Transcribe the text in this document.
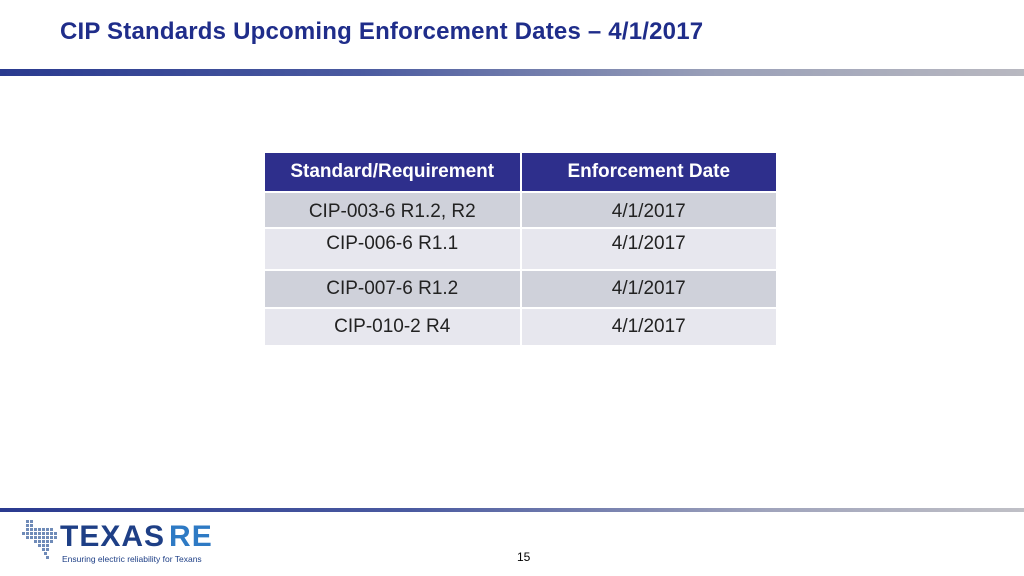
CIP Standards Upcoming Enforcement Dates – 4/1/2017
Standard/Requirement	Enforcement Date
CIP-003-6 R1.2, R2	4/1/2017
CIP-006-6 R1.1	4/1/2017
CIP-007-6 R1.2	4/1/2017
CIP-010-2 R4	4/1/2017
TEXAS RE
Ensuring electric reliability for Texans	15
